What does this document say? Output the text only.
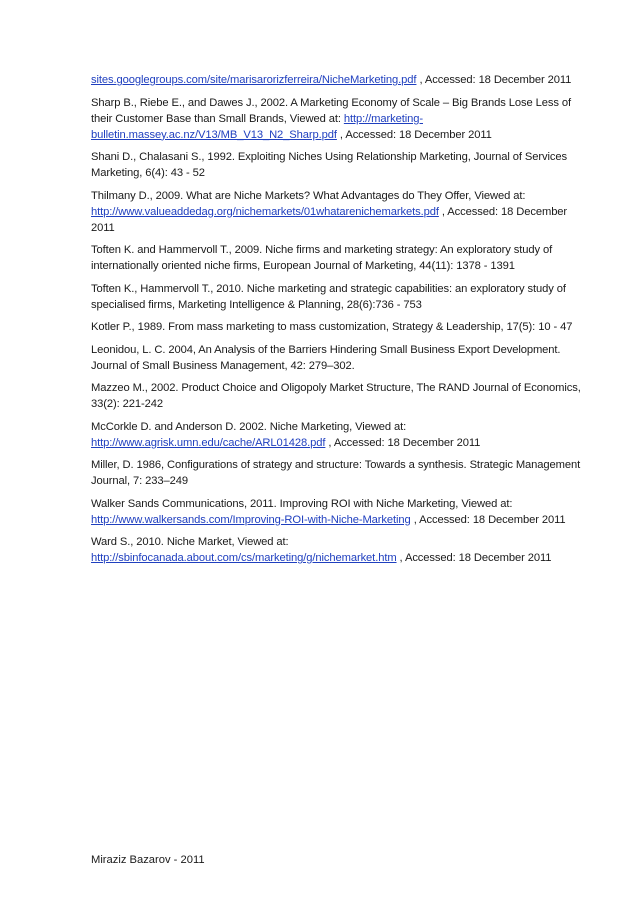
sites.googlegroups.com/site/marisarorizferreira/NicheMarketing.pdf , Accessed: 18 December 2011

Sharp B., Riebe E., and Dawes J., 2002. A Marketing Economy of Scale – Big Brands Lose Less of their Customer Base than Small Brands, Viewed at: http://marketing-bulletin.massey.ac.nz/V13/MB_V13_N2_Sharp.pdf , Accessed: 18 December 2011

Shani D., Chalasani S., 1992. Exploiting Niches Using Relationship Marketing, Journal of Services Marketing, 6(4): 43 - 52

Thilmany D., 2009. What are Niche Markets? What Advantages do They Offer, Viewed at: http://www.valueaddedag.org/nichemarkets/01whatarenichemarkets.pdf , Accessed: 18 December 2011

Toften K. and Hammervoll T., 2009. Niche firms and marketing strategy: An exploratory study of internationally oriented niche firms, European Journal of Marketing, 44(11): 1378 - 1391

Toften K., Hammervoll T., 2010. Niche marketing and strategic capabilities: an exploratory study of specialised firms, Marketing Intelligence & Planning, 28(6):736 - 753

Kotler P., 1989. From mass marketing to mass customization, Strategy & Leadership, 17(5): 10 - 47

Leonidou, L. C. 2004, An Analysis of the Barriers Hindering Small Business Export Development. Journal of Small Business Management, 42: 279–302.

Mazzeo M., 2002. Product Choice and Oligopoly Market Structure, The RAND Journal of Economics, 33(2): 221-242

McCorkle D. and Anderson D. 2002. Niche Marketing, Viewed at: http://www.agrisk.umn.edu/cache/ARL01428.pdf , Accessed: 18 December 2011

Miller, D. 1986, Configurations of strategy and structure: Towards a synthesis. Strategic Management Journal, 7: 233–249

Walker Sands Communications, 2011. Improving ROI with Niche Marketing, Viewed at: http://www.walkersands.com/Improving-ROI-with-Niche-Marketing , Accessed: 18 December 2011

Ward S., 2010. Niche Market, Viewed at: http://sbinfocanada.about.com/cs/marketing/g/nichemarket.htm , Accessed: 18 December 2011

Miraziz Bazarov - 2011
